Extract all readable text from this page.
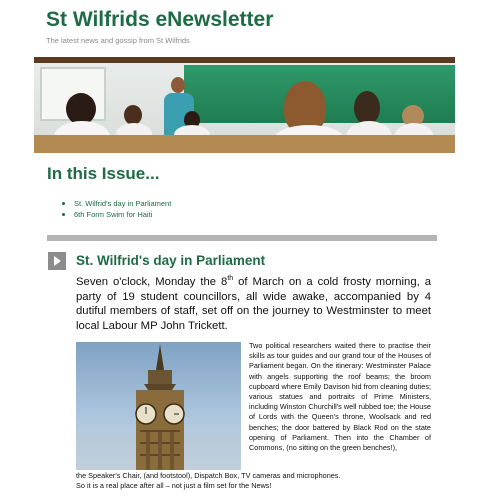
St Wilfrids eNewsletter
The latest news and gossip from St Wilfrids
In this Issue...
St. Wilfrid's day in Parliament
6th Form Swim for Haiti
St. Wilfrid's day in Parliament

Seven o'clock, Monday the 8th of March on a cold frosty morning, a party of 19 student councillors, all wide awake, accompanied by 4 dutiful members of staff, set off on the journey to Westminster to meet local Labour MP John Trickett.

Two political researchers waited there to practise their skills as tour guides and our grand tour of the Houses of Parliament began. On the itinerary: Westminster Palace with angels supporting the roof beams; the broom cupboard where Emily Davison hid from cleaning duties; various statues and portraits of Prime Ministers, including Winston Churchill's well rubbed toe; the House of Lords with the Queen's throne, Woolsack and red benches; the door battered by Black Rod on the state opening of Parliament. Then into the Chamber of Commons, (no sitting on the green benches!),

the Speaker's Chair, (and footstool), Dispatch Box, TV cameras and microphones.
So it is a real place after all – not just a film set for the News!
